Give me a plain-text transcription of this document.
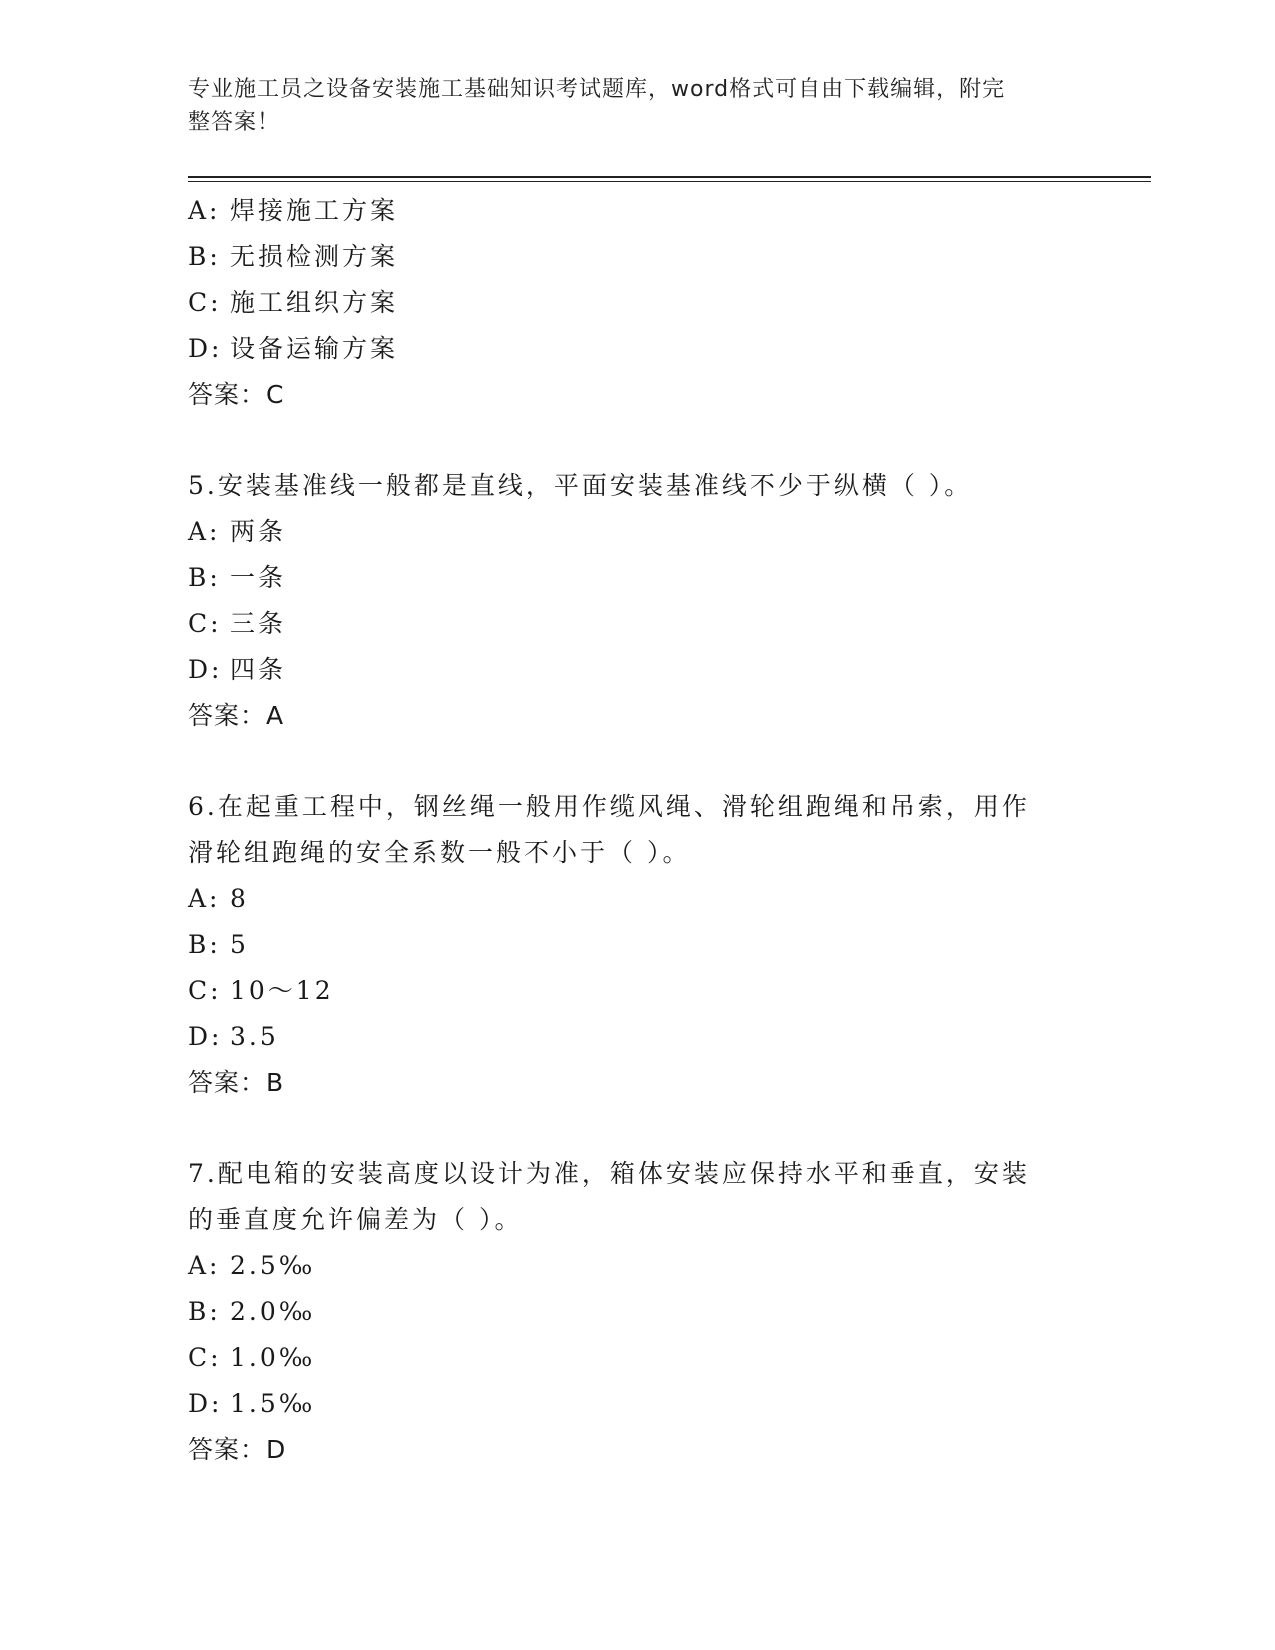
专业施工员之设备安装施工基础知识考试题库，word格式可自由下载编辑，附完
整答案！
A: 焊接施工方案
B: 无损检测方案
C: 施工组织方案
D: 设备运输方案
答案：C
5.安装基准线一般都是直线，平面安装基准线不少于纵横（ ）。
A: 两条
B: 一条
C: 三条
D: 四条
答案：A
6.在起重工程中，钢丝绳一般用作缆风绳、滑轮组跑绳和吊索，用作
滑轮组跑绳的安全系数一般不小于（ ）。
A: 8
B: 5
C: 10～12
D: 3.5
答案：B
7.配电箱的安装高度以设计为准，箱体安装应保持水平和垂直，安装
的垂直度允许偏差为（ ）。
A: 2.5‰
B: 2.0‰
C: 1.0‰
D: 1.5‰
答案：D
